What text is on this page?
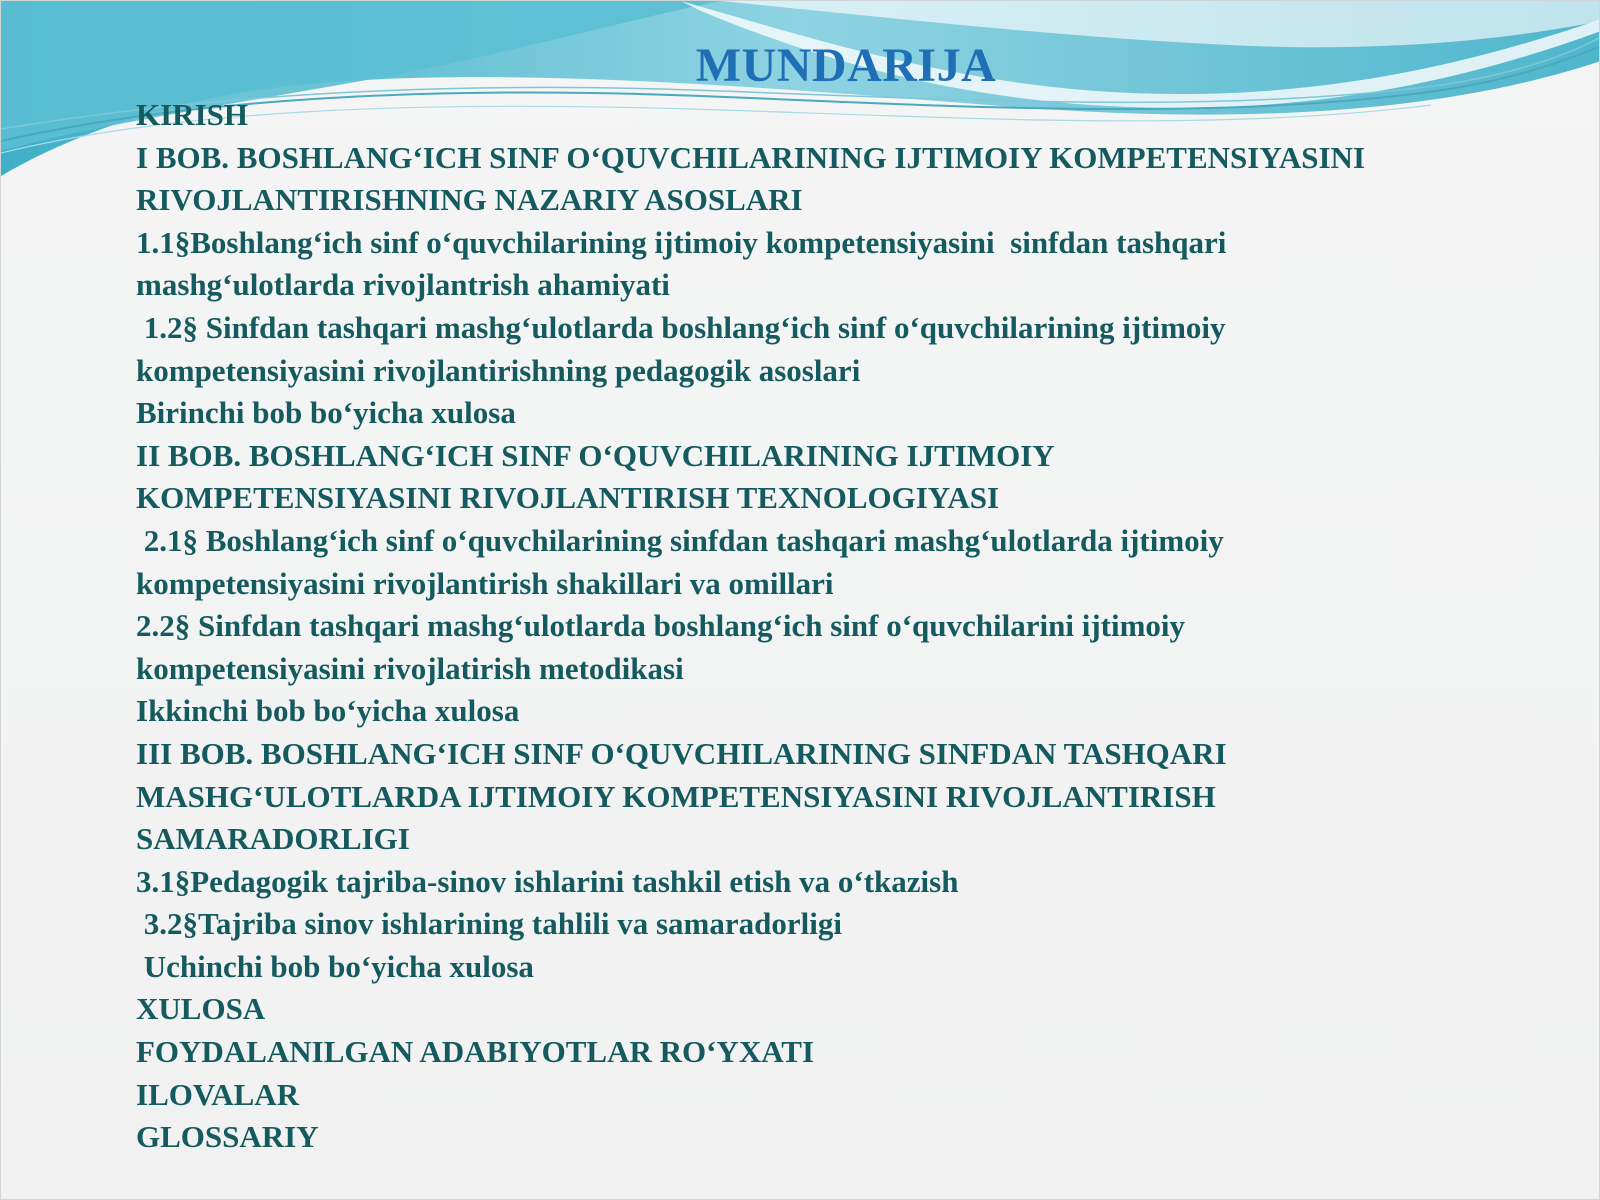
MUNDARIJA
KIRISH
I BOB. BOSHLANG‘ICH SINF O‘QUVCHILARINING IJTIMOIY KOMPETENSIYASINI
RIVOJLANTIRISHNING NAZARIY ASOSLARI
1.1§Boshlang‘ich sinf o‘quvchilarining ijtimoiy kompetensiyasini  sinfdan tashqari
mashg‘ulotlarda rivojlantrish ahamiyati
1.2§ Sinfdan tashqari mashg‘ulotlarda boshlang‘ich sinf o‘quvchilarining ijtimoiy
kompetensiyasini rivojlantirishning pedagogik asoslari
Birinchi bob bo‘yicha xulosa
II BOB. BOSHLANG‘ICH SINF O‘QUVCHILARINING IJTIMOIY
KOMPETENSIYASINI RIVOJLANTIRISH TEXNOLOGIYASI
2.1§ Boshlang‘ich sinf o‘quvchilarining sinfdan tashqari mashg‘ulotlarda ijtimoiy
kompetensiyasini rivojlantirish shakillari va omillari
2.2§ Sinfdan tashqari mashg‘ulotlarda boshlang‘ich sinf o‘quvchilarini ijtimoiy
kompetensiyasini rivojlatirish metodikasi
Ikkinchi bob bo‘yicha xulosa
III BOB. BOSHLANG‘ICH SINF O‘QUVCHILARINING SINFDAN TASHQARI
MASHG‘ULOTLARDA IJTIMOIY KOMPETENSIYASINI RIVOJLANTIRISH
SAMARADORLIGI
3.1§Pedagogik tajriba-sinov ishlarini tashkil etish va o‘tkazish
3.2§Tajriba sinov ishlarining tahlili va samaradorligi
Uchinchi bob bo‘yicha xulosa
XULOSA
FOYDALANILGAN ADABIYOTLAR RO‘YXATI
ILOVALAR
GLOSSARIY
